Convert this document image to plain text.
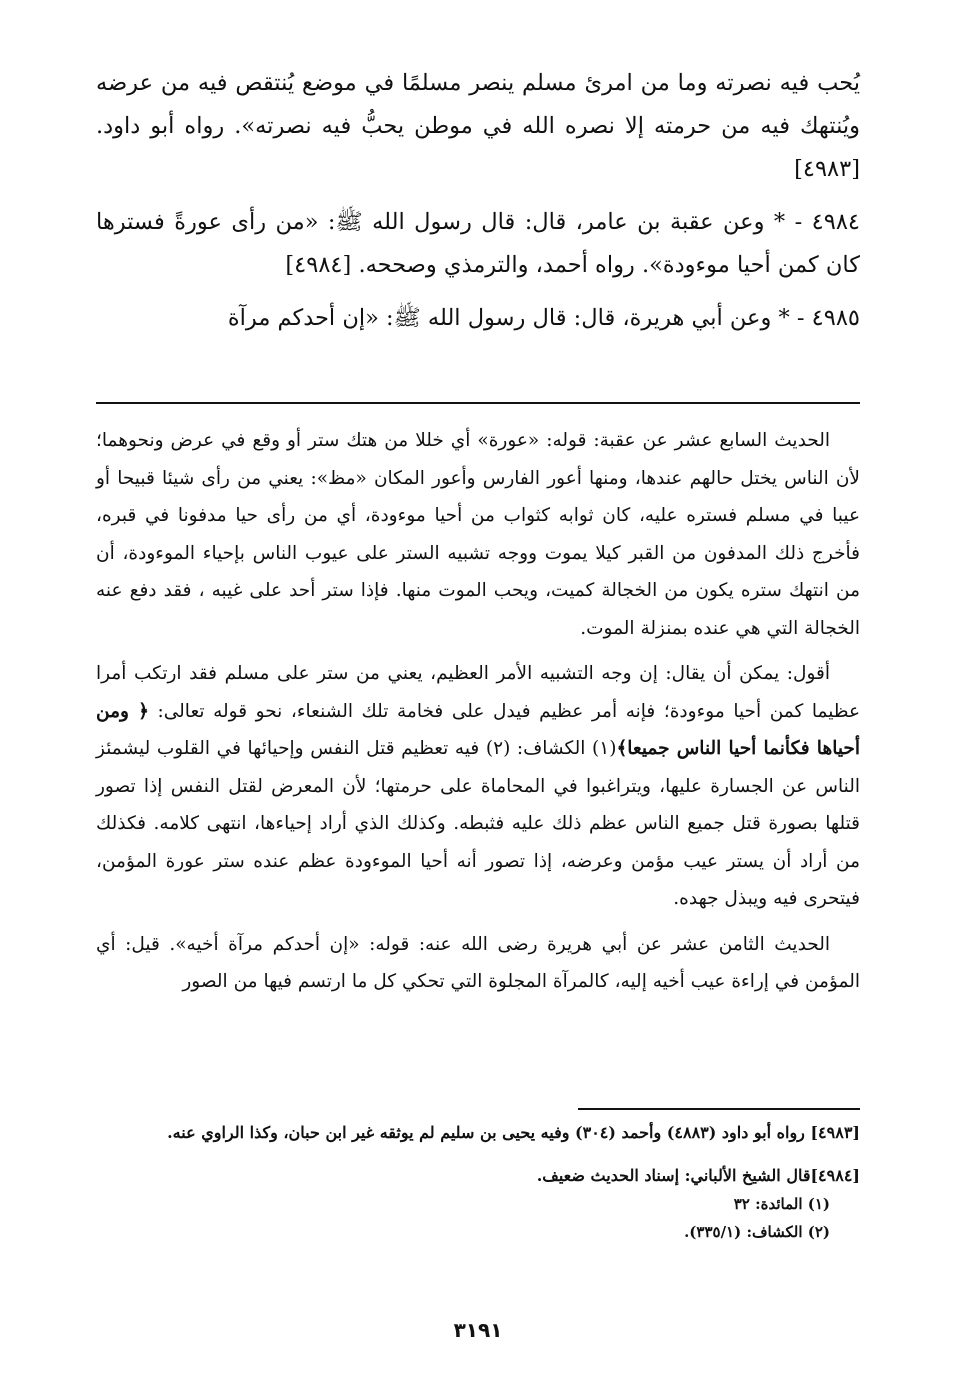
يُحب فيه نصرته وما من امرئ مسلم ينصر مسلمًا في موضع يُنتقص فيه من عرضه ويُنتهك فيه من حرمته إلا نصره الله في موطن يحبُّ فيه نصرته». رواه أبو داود. [٤٩٨٣]

٤٩٨٤ - * وعن عقبة بن عامر، قال: قال رسول الله ﷺ: «من رأى عورةً فسترها كان كمن أحيا موءودة». رواه أحمد، والترمذي وصححه. [٤٩٨٤]

٤٩٨٥ - * وعن أبي هريرة، قال: قال رسول الله ﷺ: «إن أحدكم مرآة

الحديث السابع عشر عن عقبة: قوله: «عورة» أي خللا من هتك ستر أو وقع في عرض ونحوهما؛ لأن الناس يختل حالهم عندها، ومنها أعور الفارس وأعور المكان «مظ»: يعني من رأى شيئا قبيحا أو عيبا في مسلم فستره عليه، كان ثوابه كثواب من أحيا موءودة، أي من رأى حيا مدفونا في قبره، فأخرج ذلك المدفون من القبر كيلا يموت ووجه تشبيه الستر على عيوب الناس بإحياء الموءودة، أن من انتهك ستره يكون من الخجالة كميت، ويحب الموت منها. فإذا ستر أحد على غيبه ، فقد دفع عنه الخجالة التي هي عنده بمنزلة الموت.

أقول: يمكن أن يقال: إن وجه التشبيه الأمر العظيم، يعني من ستر على مسلم فقد ارتكب أمرا عظيما كمن أحيا موءودة؛ فإنه أمر عظيم فيدل على فخامة تلك الشنعاء، نحو قوله تعالى: ﴿ ومن أحياها فكأنما أحيا الناس جميعا﴾(١) الكشاف: (٢) فيه تعظيم قتل النفس وإحيائها في القلوب ليشمئز الناس عن الجسارة عليها، ويتراغبوا في المحاماة على حرمتها؛ لأن المعرض لقتل النفس إذا تصور قتلها بصورة قتل جميع الناس عظم ذلك عليه فثبطه. وكذلك الذي أراد إحياءها، انتهى كلامه. فكذلك من أراد أن يستر عيب مؤمن وعرضه، إذا تصور أنه أحيا الموءودة عظم عنده ستر عورة المؤمن، فيتحرى فيه ويبذل جهده.

الحديث الثامن عشر عن أبي هريرة رضى الله عنه: قوله: «إن أحدكم مرآة أخيه». قيل: أي المؤمن في إراءة عيب أخيه إليه، كالمرآة المجلوة التي تحكي كل ما ارتسم فيها من الصور

[٤٩٨٣] رواه أبو داود (٤٨٨٣) وأحمد (٣٠٤) وفيه يحيى بن سليم لم يوثقه غير ابن حبان، وكذا الراوي عنه.

[٤٩٨٤]قال الشيخ الألباني: إسناد الحديث ضعيف.

(١) المائدة: ٣٢

(٢) الكشاف: (٣٣٥/١).

٣١٩١
